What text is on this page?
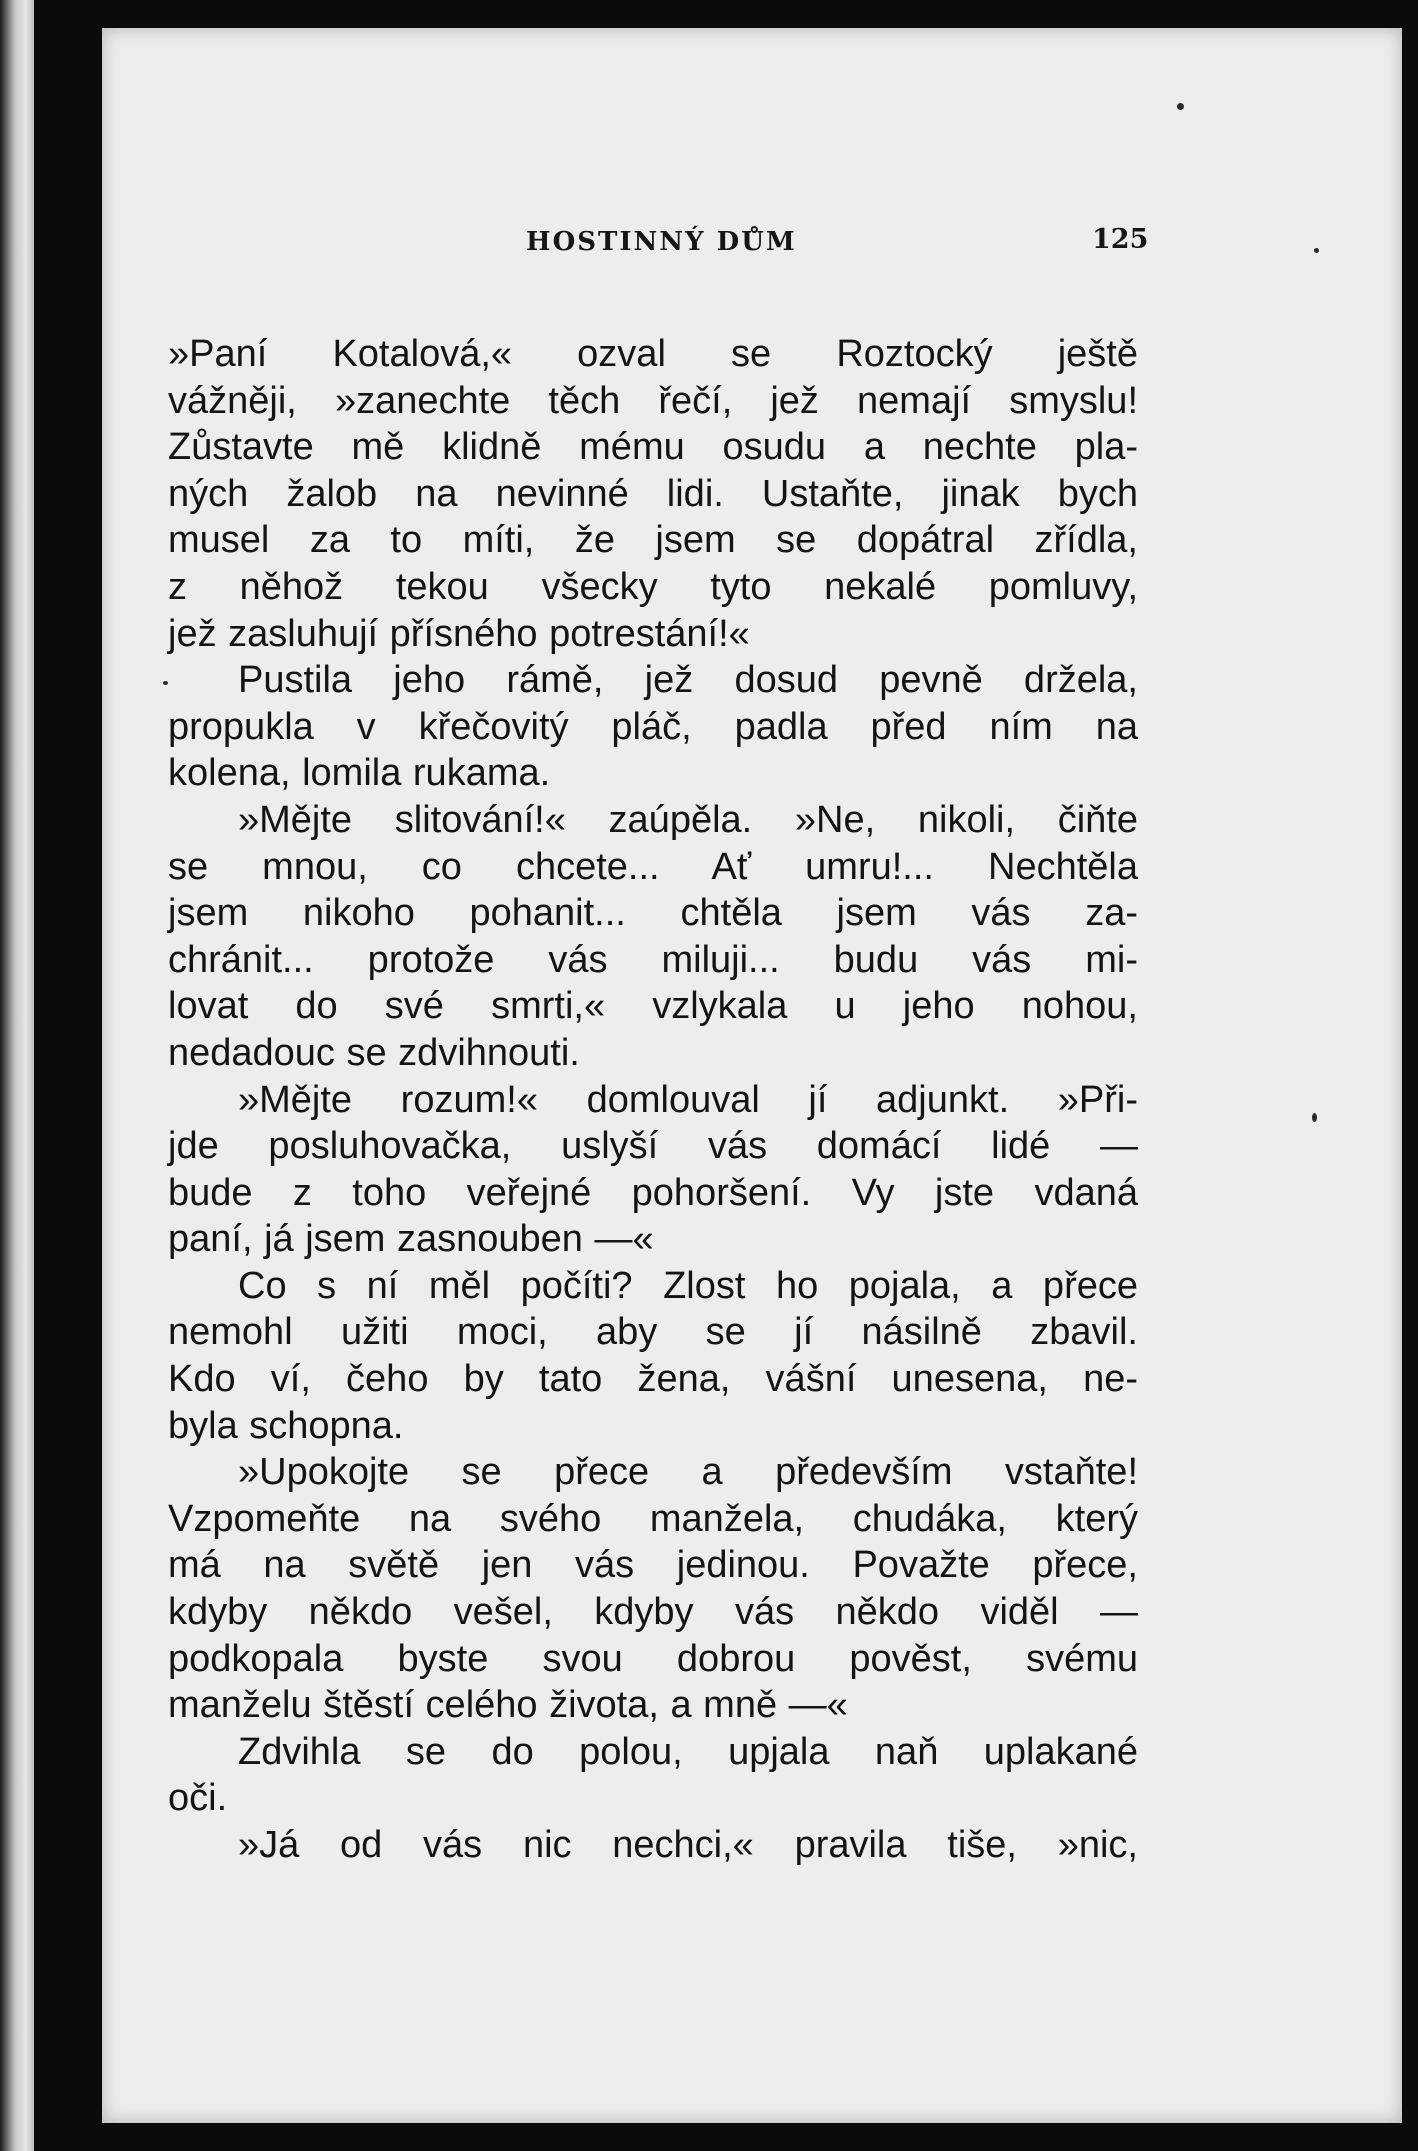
HOSTINNÝ DŮM	125
»Paní Kotalová,« ozval se Roztocký ještě
vážněji, »zanechte těch řečí, jež nemají smyslu!
Zůstavte mě klidně mému osudu a nechte pla-
ných žalob na nevinné lidi. Ustaňte, jinak bych
musel za to míti, že jsem se dopátral zřídla,
z něhož tekou všecky tyto nekalé pomluvy,
jež zasluhují přísného potrestání!«
Pustila jeho rámě, jež dosud pevně držela,
propukla v křečovitý pláč, padla před ním na
kolena, lomila rukama.
»Mějte slitování!« zaúpěla. »Ne, nikoli, čiňte
se mnou, co chcete... Ať umru!... Nechtěla
jsem nikoho pohanit... chtěla jsem vás za-
chránit... protože vás miluji... budu vás mi-
lovat do své smrti,« vzlykala u jeho nohou,
nedadouc se zdvihnouti.
»Mějte rozum!« domlouval jí adjunkt. »Při-
jde posluhovačka, uslyší vás domácí lidé —
bude z toho veřejné pohoršení. Vy jste vdaná
paní, já jsem zasnouben —«
Co s ní měl počíti? Zlost ho pojala, a přece
nemohl užiti moci, aby se jí násilně zbavil.
Kdo ví, čeho by tato žena, vášní unesena, ne-
byla schopna.
»Upokojte se přece a především vstaňte!
Vzpomeňte na svého manžela, chudáka, který
má na světě jen vás jedinou. Považte přece,
kdyby někdo vešel, kdyby vás někdo viděl —
podkopala byste svou dobrou pověst, svému
manželu štěstí celého života, a mně —«
Zdvihla se do polou, upjala naň uplakané
oči.
»Já od vás nic nechci,« pravila tiše, »nic,
